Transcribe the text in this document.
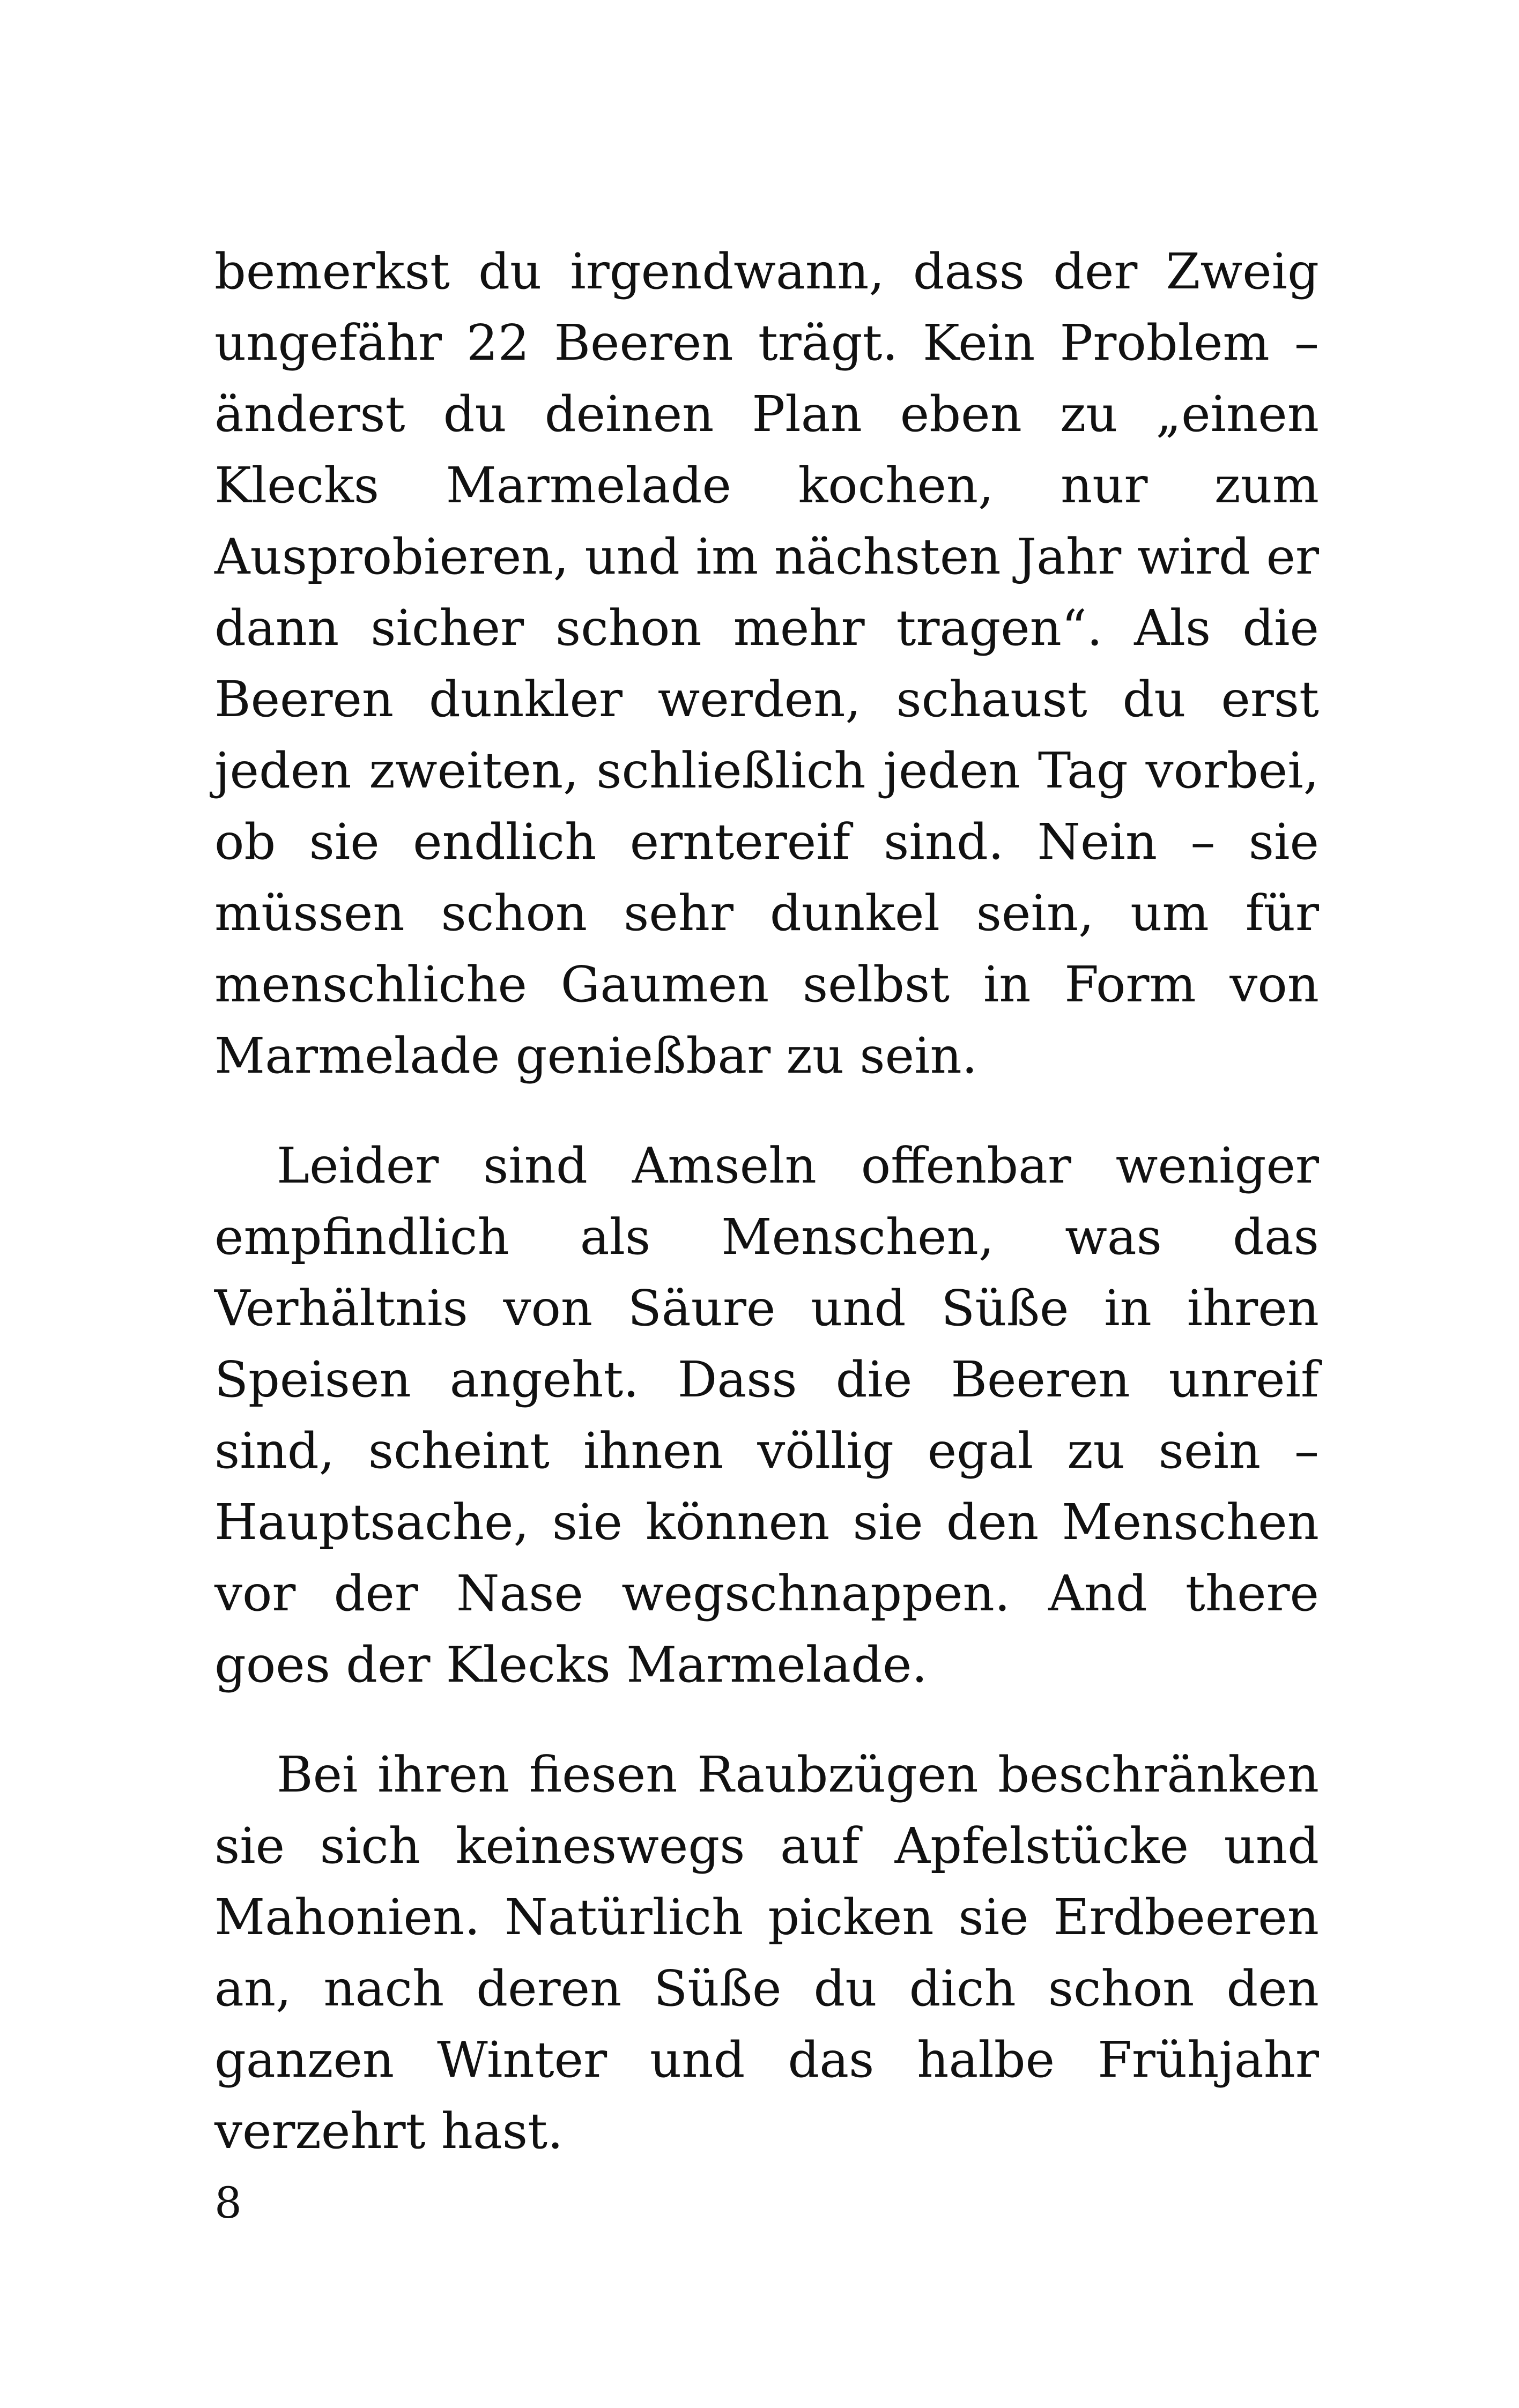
bemerkst du irgendwann, dass der Zweig ungefähr 22 Beeren trägt. Kein Problem – änderst du deinen Plan eben zu „einen Klecks Marmelade kochen, nur zum Ausprobieren, und im nächsten Jahr wird er dann sicher schon mehr tragen“. Als die Beeren dunkler werden, schaust du erst jeden zweiten, schließlich jeden Tag vorbei, ob sie endlich erntereif sind. Nein – sie müssen schon sehr dunkel sein, um für menschliche Gaumen selbst in Form von Marmelade genießbar zu sein.

Leider sind Amseln offenbar weniger empfindlich als Menschen, was das Verhältnis von Säure und Süße in ihren Speisen angeht. Dass die Beeren unreif sind, scheint ihnen völlig egal zu sein – Hauptsache, sie können sie den Menschen vor der Nase wegschnappen. And there goes der Klecks Marmelade.

Bei ihren fiesen Raubzügen beschränken sie sich keineswegs auf Apfelstücke und Mahonien. Natürlich picken sie Erdbeeren an, nach deren Süße du dich schon den ganzen Winter und das halbe Frühjahr verzehrt hast.

8
